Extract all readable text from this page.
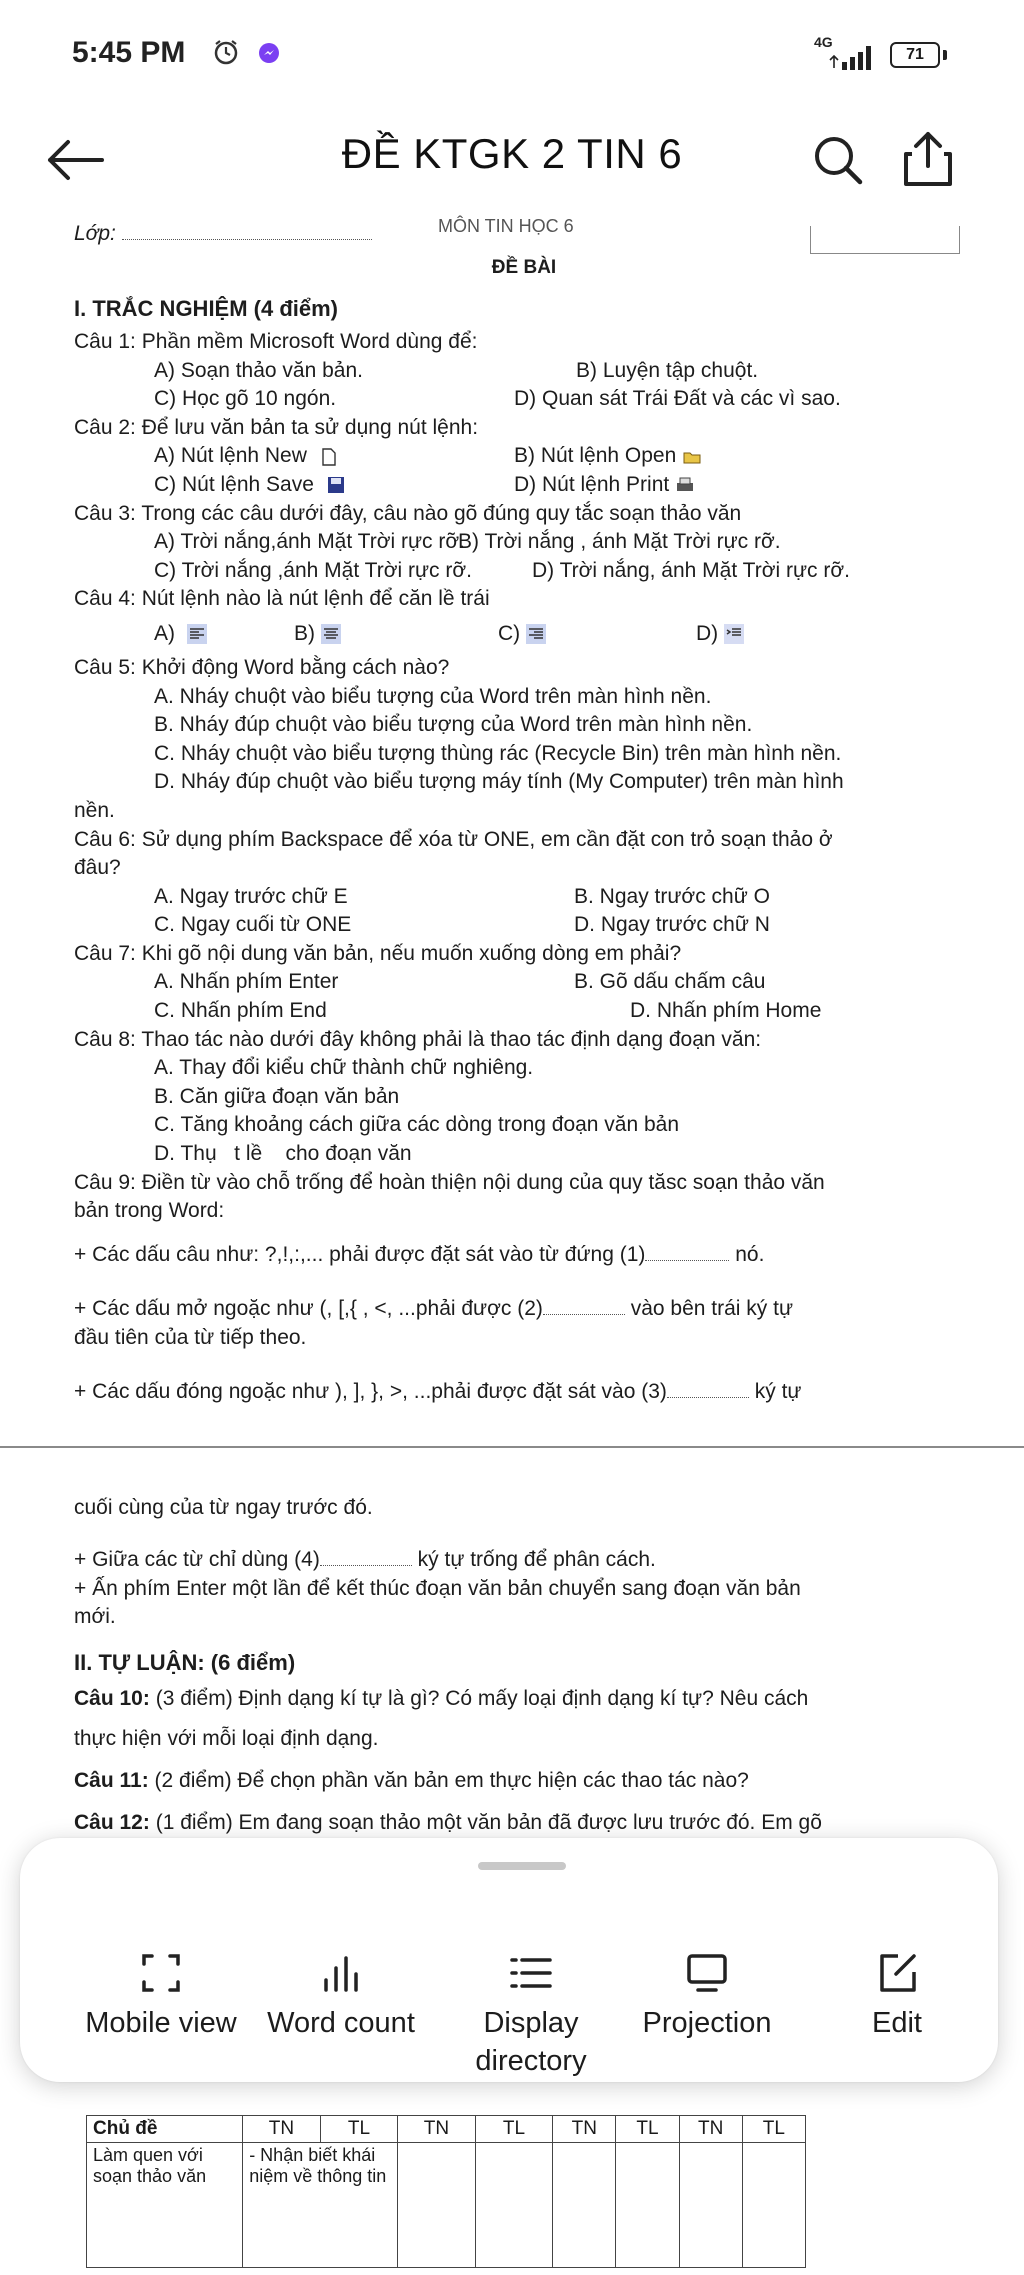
5:45 PM	4G
71
ĐỀ KTGK 2 TIN 6
Lớp:	MÔN TIN HỌC 6
ĐỀ BÀI
I. TRẮC NGHIỆM (4 điểm)
Câu 1: Phần mềm Microsoft Word dùng để:
A) Soạn thảo văn bản.	B) Luyện tập chuột.
C) Học gõ 10 ngón.	D) Quan sát Trái Đất và các vì sao.
Câu 2: Để lưu văn bản ta sử dụng nút lệnh:
A) Nút lệnh New	B) Nút lệnh Open
C) Nút lệnh Save	D) Nút lệnh Print
Câu 3: Trong các câu dưới đây, câu nào gõ đúng quy tắc soạn thảo văn
A) Trời nắng,ánh Mặt Trời rực rỡ.
B) Trời nắng , ánh Mặt Trời rực rỡ.
C) Trời nắng ,ánh Mặt Trời rực rỡ.	D) Trời nắng, ánh Mặt Trời rực rỡ.
Câu 4: Nút lệnh nào là nút lệnh để căn lề trái
A)	B)	C)	D)
Câu 5: Khởi động Word bằng cách nào?
A. Nháy chuột vào biểu tượng của Word trên màn hình nền.
B. Nháy đúp chuột vào biểu tượng của Word trên màn hình nền.
C. Nháy chuột vào biểu tượng thùng rác (Recycle Bin) trên màn hình nền.
D. Nháy đúp chuột vào biểu tượng máy tính (My Computer) trên màn hình
nền.
Câu 6: Sử dụng phím Backspace để xóa từ ONE, em cần đặt con trỏ soạn thảo ở
đâu?
A. Ngay trước chữ E	B. Ngay trước chữ O
C. Ngay cuối từ ONE	D. Ngay trước chữ N
Câu 7: Khi gõ nội dung văn bản, nếu muốn xuống dòng em phải?
A. Nhấn phím Enter	B. Gõ dấu chấm câu
C. Nhấn phím End	D. Nhấn phím Home
Câu 8: Thao tác nào dưới đây không phải là thao tác định dạng đoạn văn:
A. Thay đổi kiểu chữ thành chữ nghiêng.
B. Căn giữa đoạn văn bản
C. Tăng khoảng cách giữa các dòng trong đoạn văn bản
D. Thụ   t lề    cho đoạn văn
Câu 9: Điền từ vào chỗ trống để hoàn thiện nội dung của quy tăsc soạn thảo văn
bản trong Word:
+ Các dấu câu như: ?,!,:,... phải được đặt sát vào từ đứng (1)	nó.
+ Các dấu mở ngoặc như (, [,{ , <, ...phải được (2)	vào bên trái ký tự
đầu tiên của từ tiếp theo.
+ Các dấu đóng ngoặc như ), ], }, >, ...phải được đặt sát vào (3)	ký tự
cuối cùng của từ ngay trước đó.
+ Giữa các từ chỉ dùng (4)	ký tự trống để phân cách.
+ Ấn phím Enter một lần để kết thúc đoạn văn bản chuyển sang đoạn văn bản
mới.
II. TỰ LUẬN: (6 điểm)
Câu 10: (3 điểm) Định dạng kí tự là gì? Có mấy loại định dạng kí tự? Nêu cách
thực hiện với mỗi loại định dạng.
Câu 11: (2 điểm) Để chọn phần văn bản em thực hiện các thao tác nào?
Câu 12: (1 điểm) Em đang soạn thảo một văn bản đã được lưu trước đó. Em gõ
Mobile view	Word count	Display
directory
Projection	Edit
Chủ đề	TN	TL	TN	TL	TN	TL	TN	TL
Làm quen với soạn thảo văn	- Nhận biết khái niệm về thông tin							
